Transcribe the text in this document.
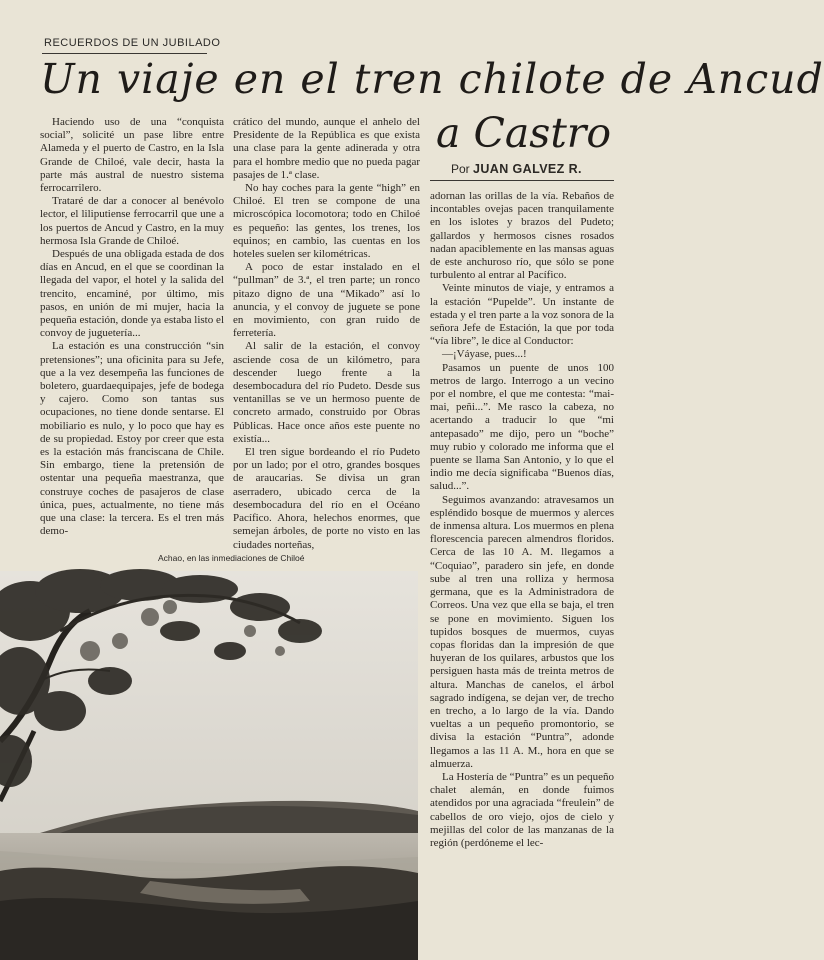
RECUERDOS DE UN JUBILADO
Un viaje en el tren chilote de Ancud
a Castro
Por JUAN GALVEZ R.

Haciendo uso de una “conquista social”, solicité un pase libre entre Alameda y el puerto de Castro, en la Isla Grande de Chiloé, vale decir, hasta la parte más austral de nuestro sistema ferrocarrilero.

Trataré de dar a conocer al benévolo lector, el liliputiense ferrocarril que une a los puertos de Ancud y Castro, en la muy hermosa Isla Grande de Chiloé.

Después de una obligada estada de dos días en Ancud, en el que se coordinan la llegada del vapor, el hotel y la salida del trencito, encaminé, por último, mis pasos, en unión de mi mujer, hacia la pequeña estación, donde ya estaba listo el convoy de juguetería...

La estación es una construcción “sin pretensiones”; una oficinita para su Jefe, que a la vez desempeña las funciones de boletero, guardaequipajes, jefe de bodega y cajero. Como son tantas sus ocupaciones, no tiene donde sentarse. El mobiliario es nulo, y lo poco que hay es de su propiedad. Estoy por creer que esta es la estación más franciscana de Chile. Sin embargo, tiene la pretensión de ostentar una pequeña maestranza, que construye coches de pasajeros de clase única, pues, actualmente, no tiene más que una clase: la tercera. Es el tren más demo-

crático del mundo, aunque el anhelo del Presidente de la República es que exista una clase para la gente adinerada y otra para el hombre medio que no pueda pagar pasajes de 1.ª clase.

No hay coches para la gente “high” en Chiloé. El tren se compone de una microscópica locomotora; todo en Chiloé es pequeño: las gentes, los trenes, los equinos; en cambio, las cuentas en los hoteles suelen ser kilométricas.

A poco de estar instalado en el “pullman” de 3.ª, el tren parte; un ronco pitazo digno de una “Mikado” así lo anuncia, y el convoy de juguete se pone en movimiento, con gran ruido de ferretería.

Al salir de la estación, el convoy asciende cosa de un kilómetro, para descender luego frente a la desembocadura del río Pudeto. Desde sus ventanillas se ve un hermoso puente de concreto armado, construido por Obras Públicas. Hace once años este puente no existía...

El tren sigue bordeando el río Pudeto por un lado; por el otro, grandes bosques de araucarias. Se divisa un gran aserradero, ubicado cerca de la desembocadura del río en el Océano Pacífico. Ahora, helechos enormes, que semejan árboles, de porte no visto en las ciudades norteñas,

adornan las orillas de la vía. Rebaños de incontables ovejas pacen tranquilamente en los islotes y brazos del Pudeto; gallardos y hermosos cisnes rosados nadan apaciblemente en las mansas aguas de este anchuroso río, que sólo se pone turbulento al entrar al Pacífico.

Veinte minutos de viaje, y entramos a la estación “Pupelde”. Un instante de estada y el tren parte a la voz sonora de la señora Jefe de Estación, la que por toda “vía libre”, le dice al Conductor:

—¡Váyase, pues...!

Pasamos un puente de unos 100 metros de largo. Interrogo a un vecino por el nombre, el que me contesta: “mai-mai, peñi...”. Me rasco la cabeza, no acertando a traducir lo que “mi antepasado” me dijo, pero un “boche” muy rubio y colorado me informa que el puente se llama San Antonio, y lo que el indio me decía significaba “Buenos días, salud...”.

Seguimos avanzando: atravesamos un espléndido bosque de muermos y alerces de inmensa altura. Los muermos en plena florescencia parecen almendros floridos. Cerca de las 10 A. M. llegamos a “Coquiao”, paradero sin jefe, en donde sube al tren una rolliza y hermosa germana, que es la Administradora de Correos. Una vez que ella se baja, el tren se pone en movimiento. Siguen los tupidos bosques de muermos, cuyas copas floridas dan la impresión de que huyeran de los quilares, arbustos que los persiguen hasta más de treinta metros de altura. Manchas de canelos, el árbol sagrado indígena, se dejan ver, de trecho en trecho, a lo largo de la vía. Dando vueltas a un pequeño promontorio, se divisa la estación “Puntra”, adonde llegamos a las 11 A. M., hora en que se almuerza.

La Hostería de “Puntra” es un pequeño chalet alemán, en donde fuimos atendidos por una agraciada “freulein” de cabellos de oro viejo, ojos de cielo y mejillas del color de las manzanas de la región (perdóneme el lec-

Achao, en las inmediaciones de Chiloé
